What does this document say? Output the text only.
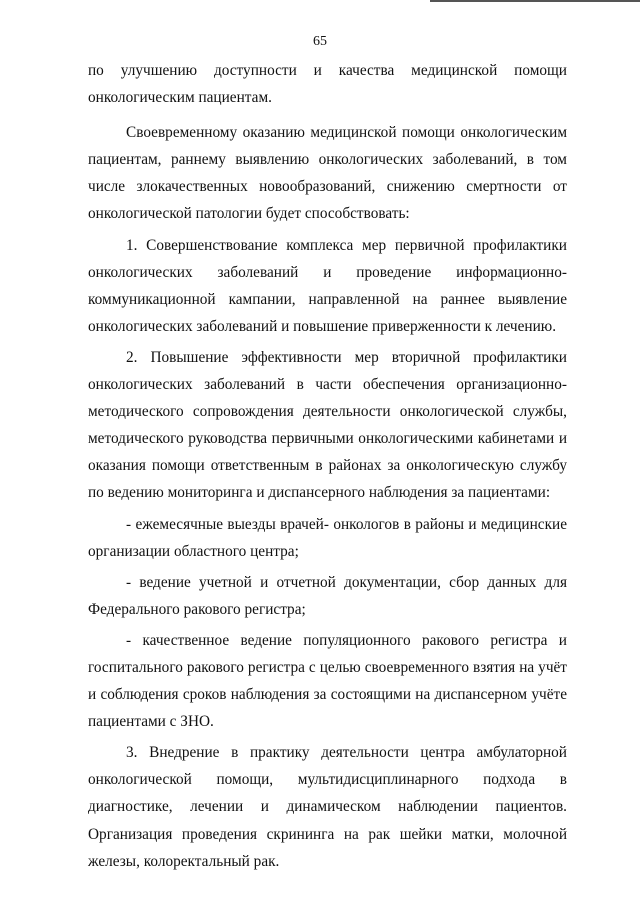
65

по улучшению доступности и качества медицинской помощи онкологическим пациентам.

Своевременному оказанию медицинской помощи онкологическим пациентам, раннему выявлению онкологических заболеваний, в том числе злокачественных новообразований, снижению смертности от онкологической патологии будет способствовать:

1. Совершенствование комплекса мер первичной профилактики онкологических заболеваний и проведение информационно-коммуникационной кампании, направленной на раннее выявление онкологических заболеваний и повышение приверженности к лечению.

2. Повышение эффективности мер вторичной профилактики онкологических заболеваний в части обеспечения организационно-методического сопровождения деятельности онкологической службы, методического руководства первичными онкологическими кабинетами и оказания помощи ответственным в районах за онкологическую службу по ведению мониторинга и диспансерного наблюдения за пациентами:

- ежемесячные выезды врачей- онкологов в районы и медицинские организации областного центра;

- ведение учетной и отчетной документации, сбор данных для Федерального ракового регистра;

- качественное ведение популяционного ракового регистра и госпитального ракового регистра с целью своевременного взятия на учёт и соблюдения сроков наблюдения за состоящими на диспансерном учёте пациентами с ЗНО.

3. Внедрение в практику деятельности центра амбулаторной онкологической помощи, мультидисциплинарного подхода в диагностике, лечении и динамическом наблюдении пациентов. Организация проведения скрининга на рак шейки матки, молочной железы, колоректальный рак.
